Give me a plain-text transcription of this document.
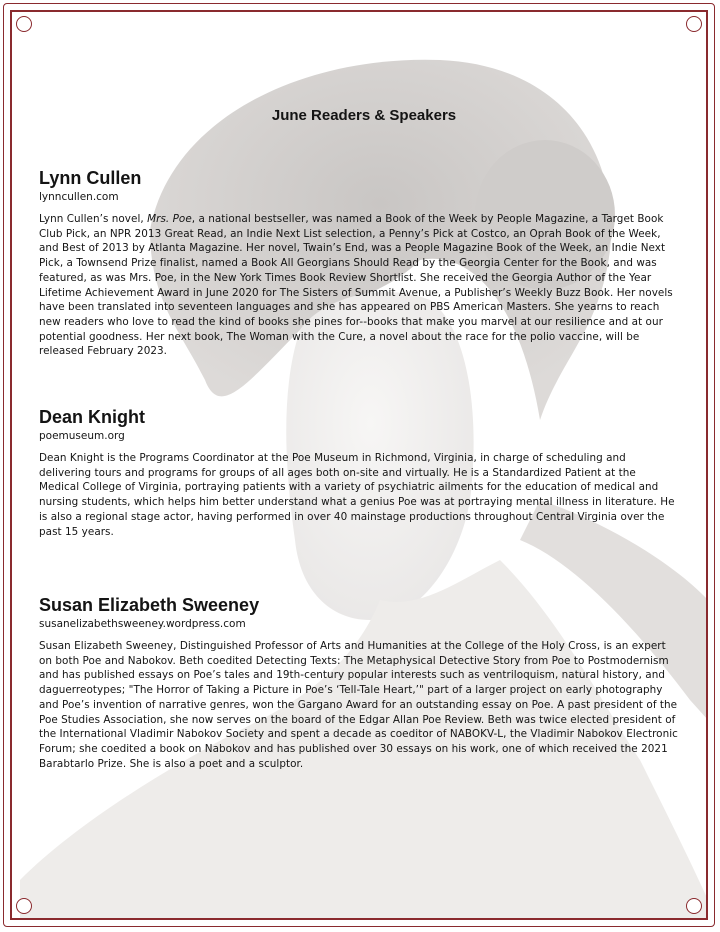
June Readers & Speakers
Lynn Cullen
lynncullen.com

Lynn Cullen’s novel, Mrs. Poe, a national bestseller, was named a Book of the Week by People Magazine, a Target Book Club Pick, an NPR 2013 Great Read, an Indie Next List selection, a Penny’s Pick at Costco, an Oprah Book of the Week, and Best of 2013 by Atlanta Magazine. Her novel, Twain’s End, was a People Magazine Book of the Week, an Indie Next Pick, a Townsend Prize finalist, named a Book All Georgians Should Read by the Georgia Center for the Book, and was featured, as was Mrs. Poe, in the New York Times Book Review Shortlist. She received the Georgia Author of the Year Lifetime Achievement Award in June 2020 for The Sisters of Summit Avenue, a Publisher’s Weekly Buzz Book. Her novels have been translated into seventeen languages and she has appeared on PBS American Masters. She yearns to reach new readers who love to read the kind of books she pines for--books that make you marvel at our resilience and at our potential goodness. Her next book, The Woman with the Cure, a novel about the race for the polio vaccine, will be released February 2023.

Dean Knight
poemuseum.org

Dean Knight is the Programs Coordinator at the Poe Museum in Richmond, Virginia, in charge of scheduling and delivering tours and programs for groups of all ages both on-site and virtually. He is a Standardized Patient at the Medical College of Virginia, portraying patients with a variety of psychiatric ailments for the education of medical and nursing students, which helps him better understand what a genius Poe was at portraying mental illness in literature. He is also a regional stage actor, having performed in over 40 mainstage productions throughout Central Virginia over the past 15 years.

Susan Elizabeth Sweeney
susanelizabethsweeney.wordpress.com

Susan Elizabeth Sweeney, Distinguished Professor of Arts and Humanities at the College of the Holy Cross, is an expert on both Poe and Nabokov. Beth coedited Detecting Texts: The Metaphysical Detective Story from Poe to Postmodernism and has published essays on Poe’s tales and 19th-century popular interests such as ventriloquism, natural history, and daguerreotypes; "The Horror of Taking a Picture in Poe’s ‘Tell-Tale Heart,’" part of a larger project on early photography and Poe’s invention of narrative genres, won the Gargano Award for an outstanding essay on Poe. A past president of the Poe Studies Association, she now serves on the board of the Edgar Allan Poe Review. Beth was twice elected president of the International Vladimir Nabokov Society and spent a decade as coeditor of NABOKV-L, the Vladimir Nabokov Electronic Forum; she coedited a book on Nabokov and has published over 30 essays on his work, one of which received the 2021 Barabtarlo Prize. She is also a poet and a sculptor.
